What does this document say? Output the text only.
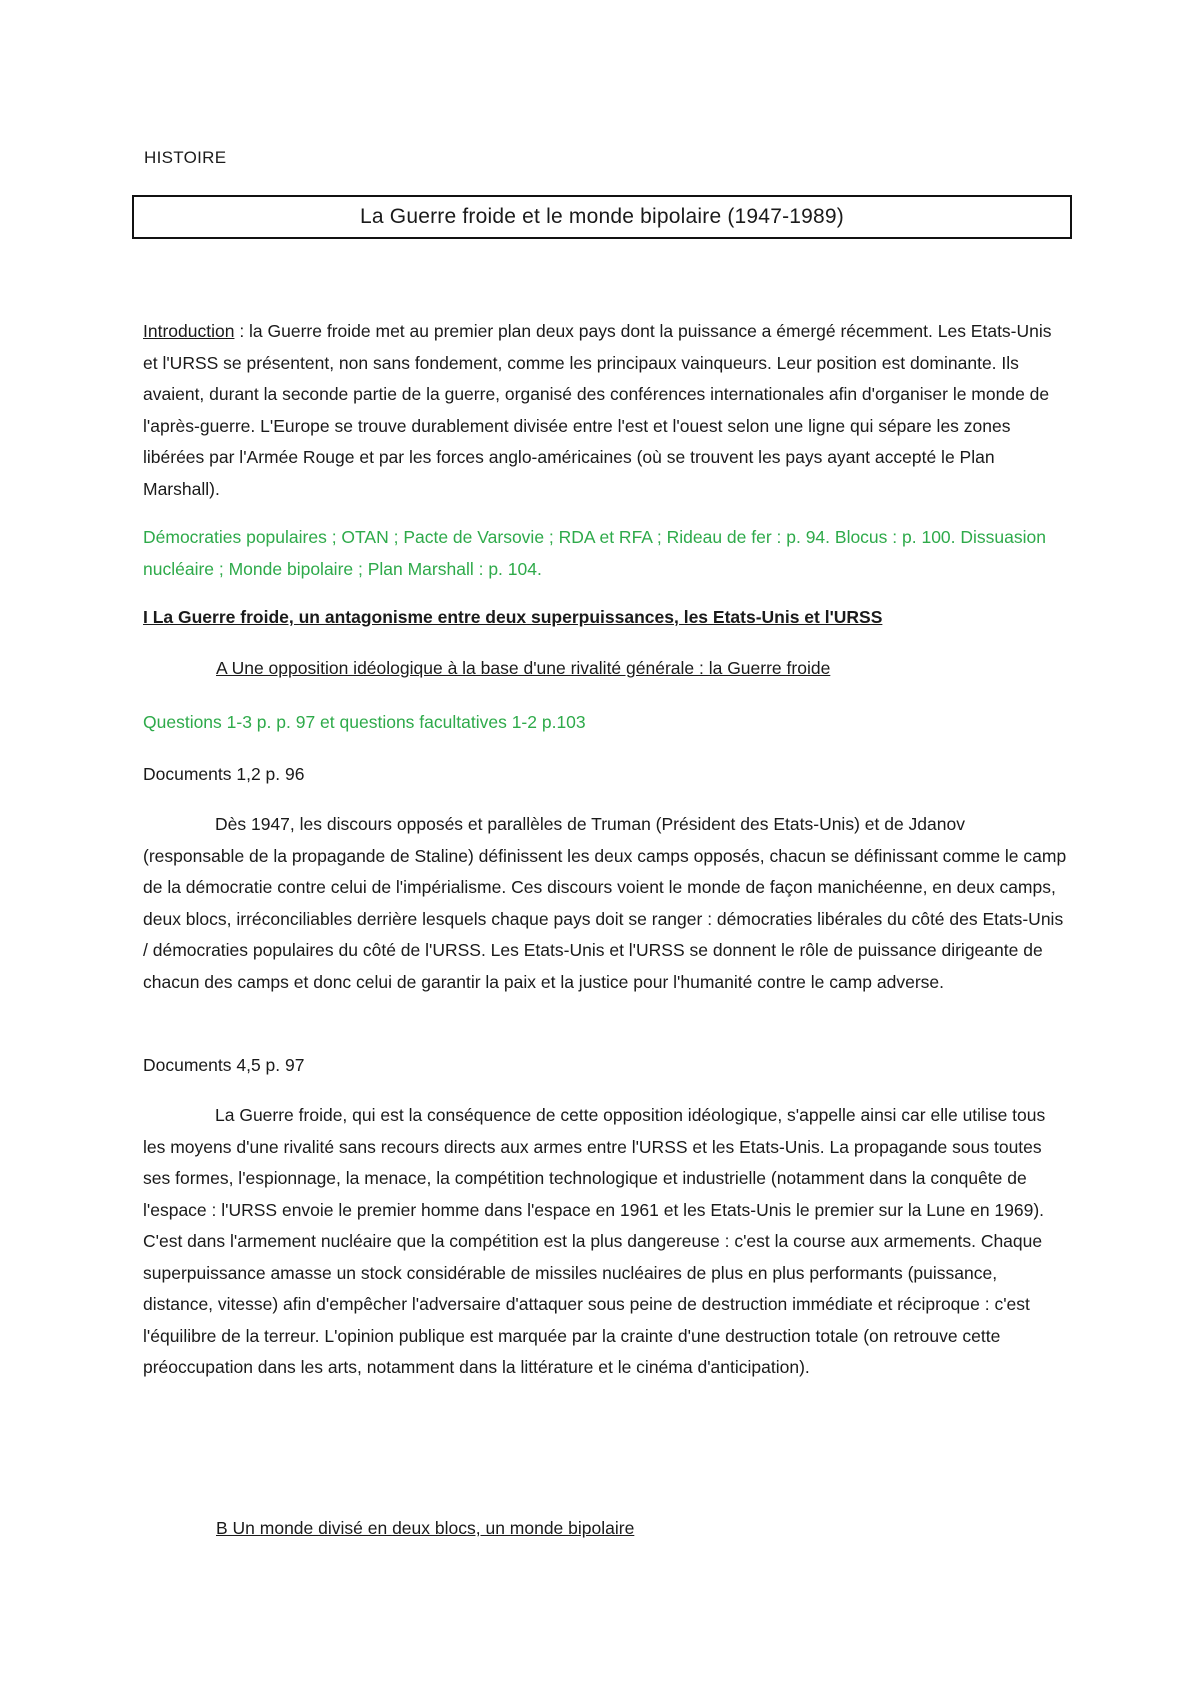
HISTOIRE
La Guerre froide et le monde bipolaire (1947-1989)

Introduction : la Guerre froide met au premier plan deux pays dont la puissance a émergé récemment. Les Etats-Unis et l'URSS se présentent, non sans fondement, comme les principaux vainqueurs. Leur position est dominante. Ils avaient, durant la seconde partie de la guerre, organisé des conférences internationales afin d'organiser le monde de l'après-guerre. L'Europe se trouve durablement divisée entre l'est et l'ouest selon une ligne qui sépare les zones libérées par l'Armée Rouge et par les forces anglo-américaines (où se trouvent les pays ayant accepté le Plan Marshall).

Démocraties populaires ; OTAN ; Pacte de Varsovie ; RDA et RFA ; Rideau de fer : p. 94. Blocus : p. 100. Dissuasion nucléaire ; Monde bipolaire ; Plan Marshall : p. 104.

I La Guerre froide, un antagonisme entre deux superpuissances, les Etats-Unis et l'URSS
A Une opposition idéologique à la base d'une rivalité générale : la Guerre froide
Questions 1-3 p. p. 97 et questions facultatives 1-2 p.103
Documents 1,2 p. 96

Dès 1947, les discours opposés et parallèles de Truman (Président des Etats-Unis) et de Jdanov (responsable de la propagande de Staline) définissent les deux camps opposés, chacun se définissant comme le camp de la démocratie contre celui de l'impérialisme. Ces discours voient le monde de façon manichéenne, en deux camps, deux blocs, irréconciliables derrière lesquels chaque pays doit se ranger : démocraties libérales du côté des Etats-Unis / démocraties populaires du côté de l'URSS. Les Etats-Unis et l'URSS se donnent le rôle de puissance dirigeante de chacun des camps et donc celui de garantir la paix et la justice pour l'humanité contre le camp adverse.

Documents 4,5 p. 97

La Guerre froide, qui est la conséquence de cette opposition idéologique, s'appelle ainsi car elle utilise tous les moyens d'une rivalité sans recours directs aux armes entre l'URSS et les Etats-Unis. La propagande sous toutes ses formes, l'espionnage, la menace, la compétition technologique et industrielle (notamment dans la conquête de l'espace : l'URSS envoie le premier homme dans l'espace en 1961 et les Etats-Unis le premier sur la Lune en 1969). C'est dans l'armement nucléaire que la compétition est la plus dangereuse : c'est la course aux armements. Chaque superpuissance amasse un stock considérable de missiles nucléaires de plus en plus performants (puissance, distance, vitesse) afin d'empêcher l'adversaire d'attaquer sous peine de destruction immédiate et réciproque : c'est l'équilibre de la terreur. L'opinion publique est marquée par la crainte d'une destruction totale (on retrouve cette préoccupation dans les arts, notamment dans la littérature et le cinéma d'anticipation).

B Un monde divisé en deux blocs, un monde bipolaire
